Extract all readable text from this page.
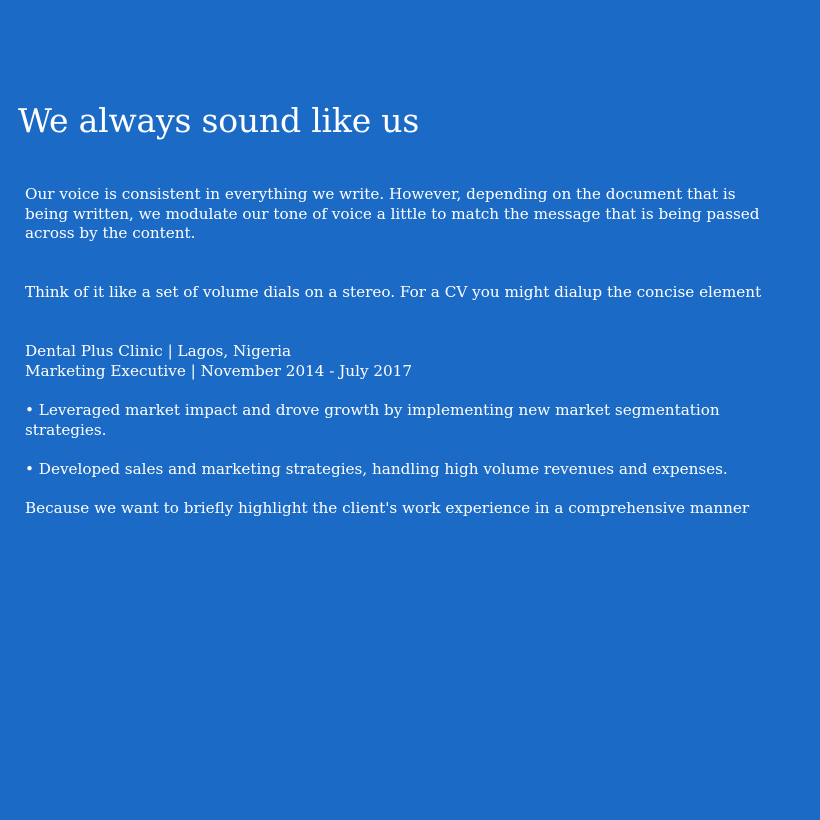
We always sound like us

Our voice is consistent in everything we write. However, depending on the document that is
being written, we modulate our tone of voice a little to match the message that is being passed
across by the content.

Think of it like a set of volume dials on a stereo. For a CV you might dialup the concise element

Dental Plus Clinic | Lagos, Nigeria

Marketing Executive | November 2014 - July 2017

• Leveraged market impact and drove growth by implementing new market segmentation
strategies.

• Developed sales and marketing strategies, handling high volume revenues and expenses.

Because we want to briefly highlight the client's work experience in a comprehensive manner
